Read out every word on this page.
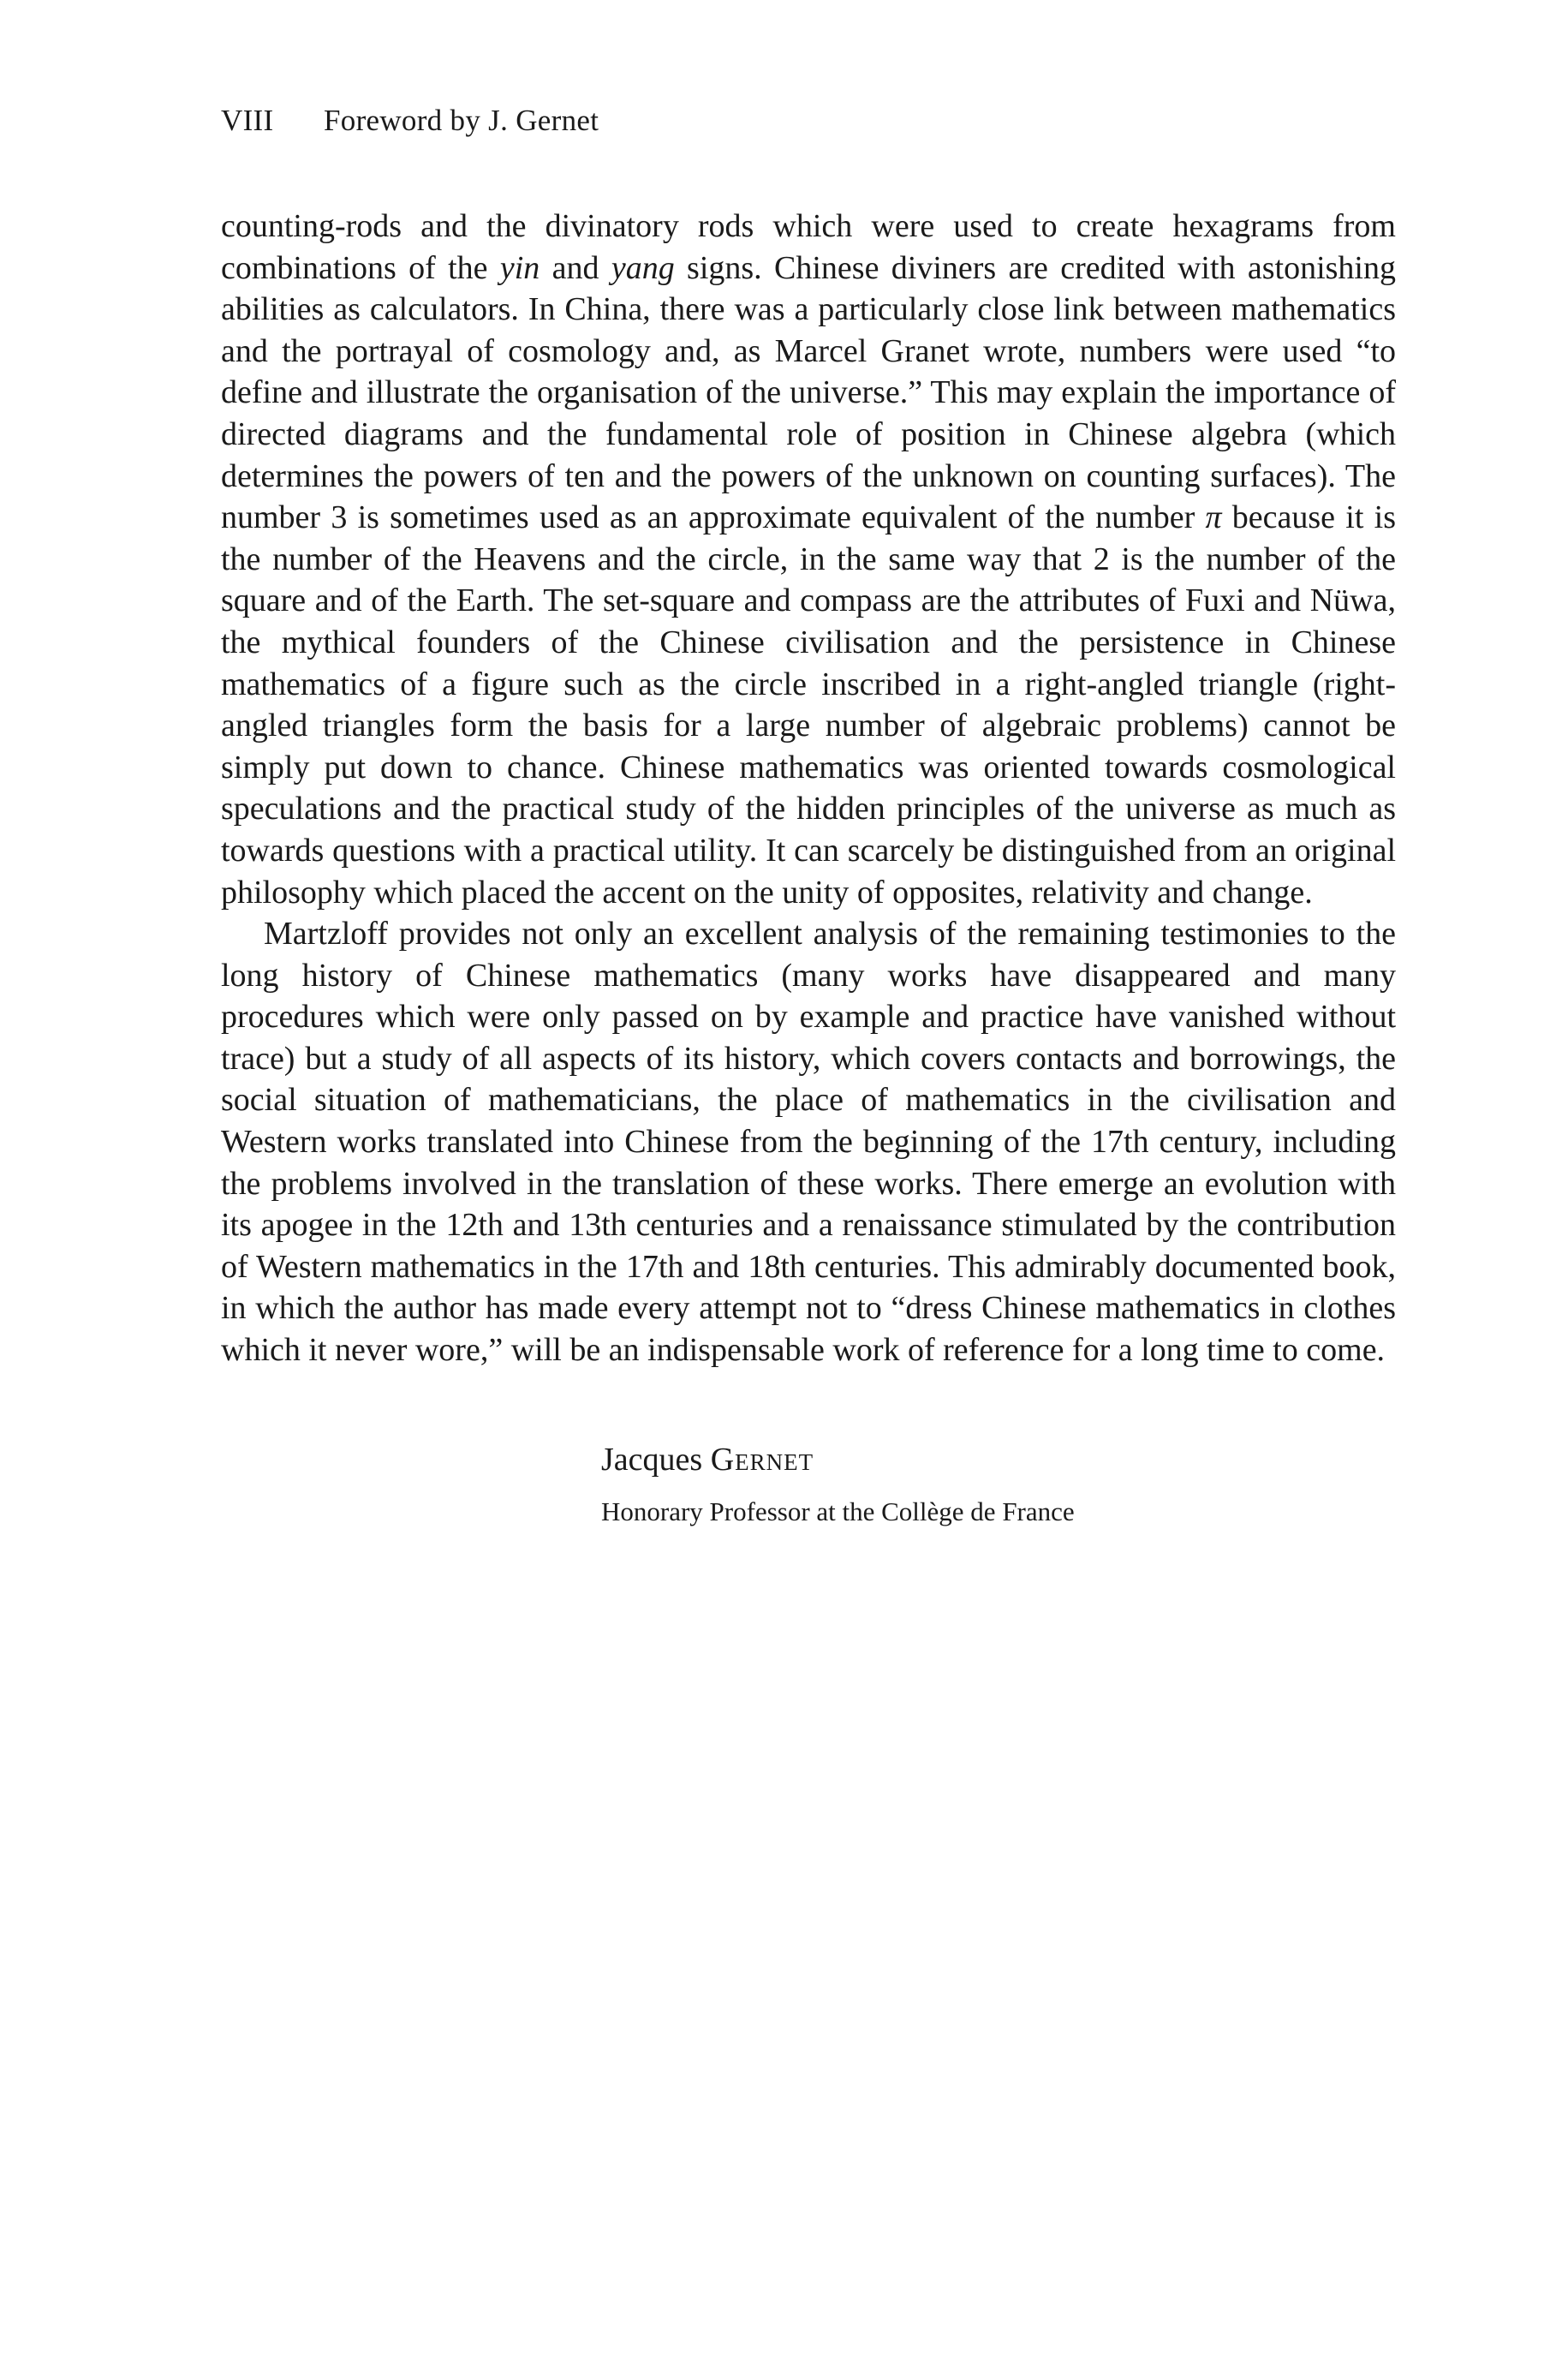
VIII Foreword by J. Gernet

counting-rods and the divinatory rods which were used to create hexagrams from combinations of the yin and yang signs. Chinese diviners are credited with astonishing abilities as calculators. In China, there was a particularly close link between mathematics and the portrayal of cosmology and, as Marcel Granet wrote, numbers were used “to define and illustrate the organisation of the universe.” This may explain the importance of directed diagrams and the fundamental role of position in Chinese algebra (which determines the powers of ten and the powers of the unknown on counting surfaces). The number 3 is sometimes used as an approximate equivalent of the number π because it is the number of the Heavens and the circle, in the same way that 2 is the number of the square and of the Earth. The set-square and compass are the attributes of Fuxi and Nüwa, the mythical founders of the Chinese civilisation and the persistence in Chinese mathematics of a figure such as the circle inscribed in a right-angled triangle (right-angled triangles form the basis for a large number of algebraic problems) cannot be simply put down to chance. Chinese mathematics was oriented towards cosmological speculations and the practical study of the hidden principles of the universe as much as towards questions with a practical utility. It can scarcely be distinguished from an original philosophy which placed the accent on the unity of opposites, relativity and change.

Martzloff provides not only an excellent analysis of the remaining testimonies to the long history of Chinese mathematics (many works have disappeared and many procedures which were only passed on by example and practice have vanished without trace) but a study of all aspects of its history, which covers contacts and borrowings, the social situation of mathematicians, the place of mathematics in the civilisation and Western works translated into Chinese from the beginning of the 17th century, including the problems involved in the translation of these works. There emerge an evolution with its apogee in the 12th and 13th centuries and a renaissance stimulated by the contribution of Western mathematics in the 17th and 18th centuries. This admirably documented book, in which the author has made every attempt not to “dress Chinese mathematics in clothes which it never wore,” will be an indispensable work of reference for a long time to come.

Jacques Gernet
Honorary Professor at the Collège de France
